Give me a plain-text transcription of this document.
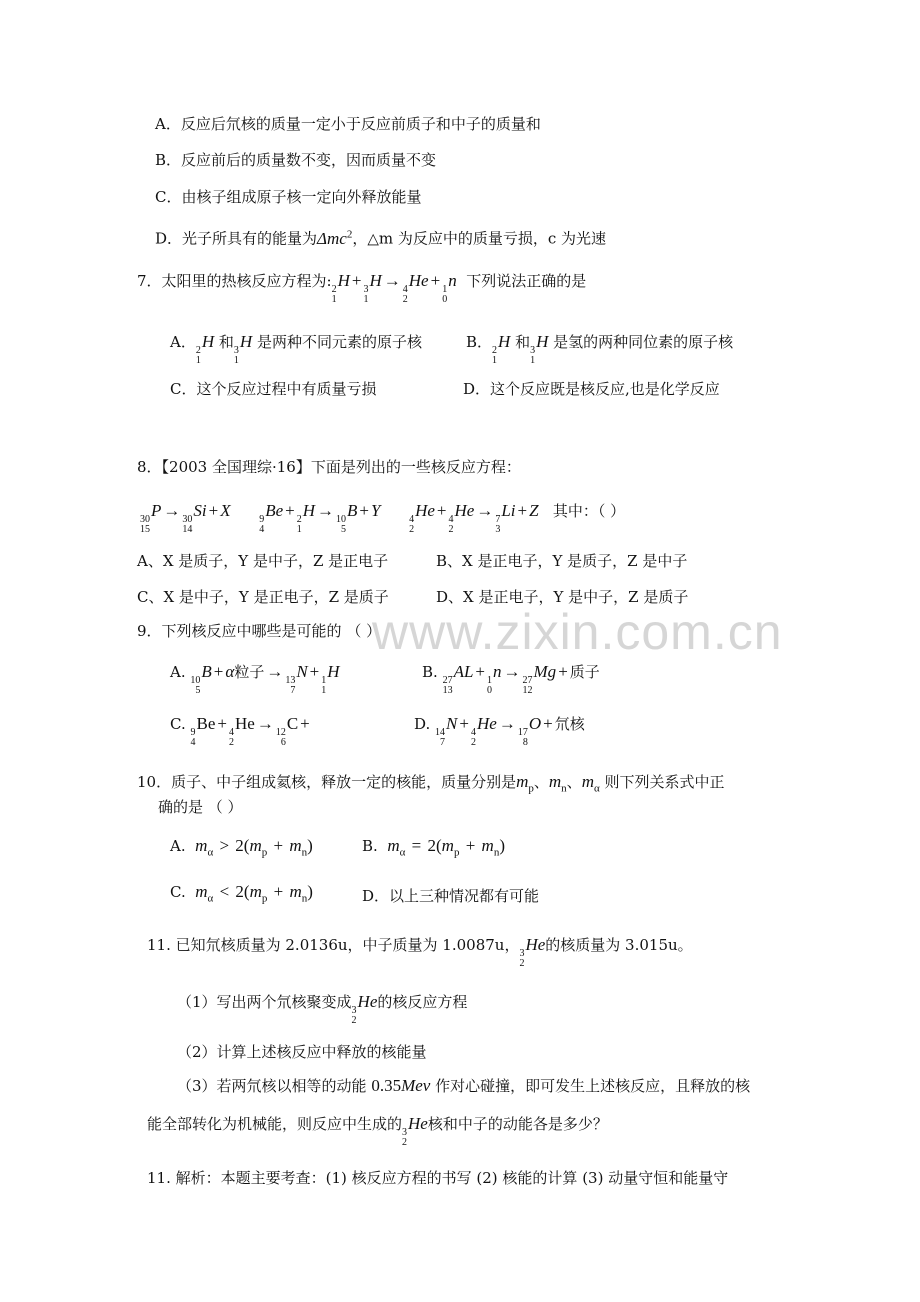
A．反应后氘核的质量一定小于反应前质子和中子的质量和
B．反应前后的质量数不变，因而质量不变
C．由核子组成原子核一定向外释放能量
D．光子所具有的能量为Δmc$^2$，△m 为反应中的质量亏损，c 为光速
7．太阳里的热核反应方程为: 2
1
H + 3
1
H → 4
2
He + 1
0
n 下列说法正确的是
A． 2
1
H 和 3
1
H 是两种不同元素的原子核	B． 2
1
H 和 3
1
H 是氢的两种同位素的原子核
C．这个反应过程中有质量亏损	D．这个反应既是核反应,也是化学反应
8．【2003 全国理综·16】下面是列出的一些核反应方程：
30
15
P → 30
14
Si + X	9
4
Be + 2
1
H → 10
5
B + Y	4
2
He + 4
2
He → 7
3
Li + Z 其中：（ ）
A、X 是质子，Y 是中子，Z 是正电子	B、X 是正电子，Y 是质子，Z 是中子
C、X 是中子，Y 是正电子，Z 是质子	D、X 是正电子，Y 是中子，Z 是质子
9．下列核反应中哪些是可能的 （ ）
A. 10
5
B + α粒子 → 13
7
N + 1
1
H	B. 27
13
AL + 1
0
n → 27
12
Mg + 质子
C. 9
4
Be + 4
2
He → 12
6
C +	D. 14
7
N + 4
2
He → 17
8
O + 氘核
10．质子、中子组成氦核，释放一定的核能，质量分别是$m_p$、$m_n$、$m_\alpha$ 则下列关系式中正
确的是 （ ）
A. $m_\alpha > 2(m_p + m_n)$	B. $m_\alpha = 2(m_p + m_n)$
C. $m_\alpha < 2(m_p + m_n)$	D．以上三种情况都有可能
11. 已知氘核质量为 2.0136u，中子质量为 1.0087u， 3
2
He的核质量为 3.015u。
（1）写出两个氘核聚变成 3
2
He的核反应方程
（2）计算上述核反应中释放的核能量
（3）若两氘核以相等的动能 0.35Mev 作对心碰撞，即可发生上述核反应，且释放的核
能全部转化为机械能，则反应中生成的 3
2
He核和中子的动能各是多少？
11. 解析：本题主要考查：(1) 核反应方程的书写 (2) 核能的计算 (3) 动量守恒和能量守
www.zixin.com.cn
